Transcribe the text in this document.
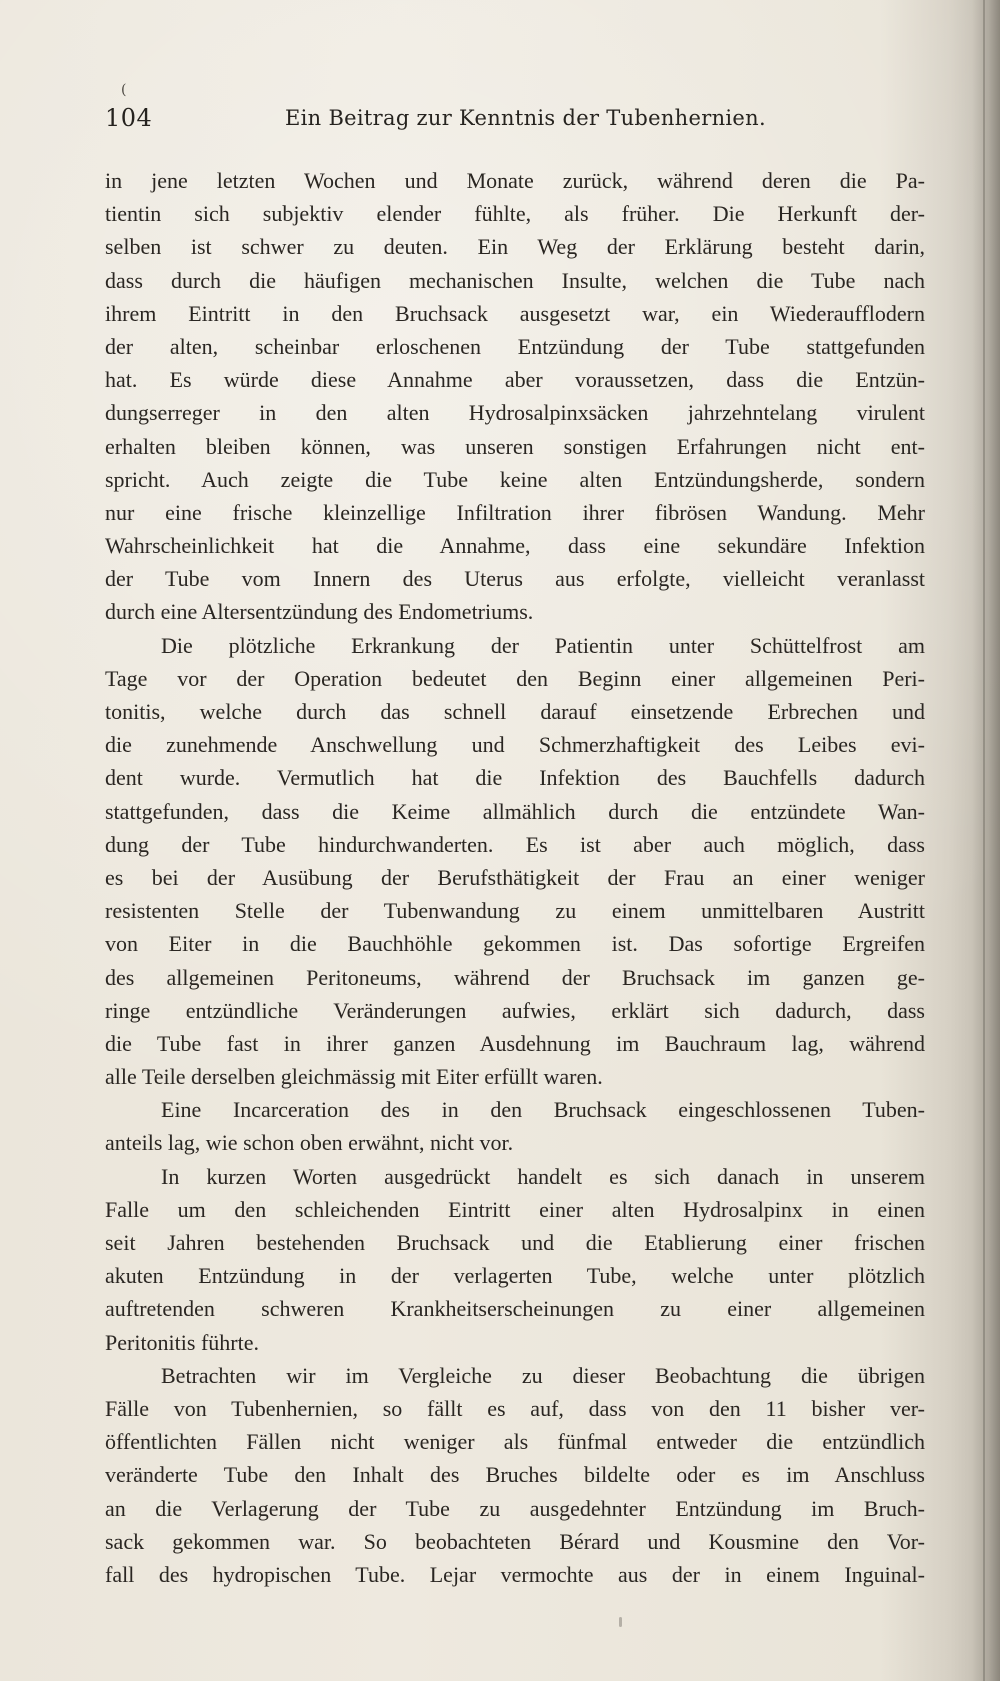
(
104	Ein Beitrag zur Kenntnis der Tubenhernien.
in jene letzten Wochen und Monate zurück, während deren die Pa-
tientin sich subjektiv elender fühlte, als früher. Die Herkunft der-
selben ist schwer zu deuten. Ein Weg der Erklärung besteht darin,
dass durch die häufigen mechanischen Insulte, welchen die Tube nach
ihrem Eintritt in den Bruchsack ausgesetzt war, ein Wiederaufflodern
der alten, scheinbar erloschenen Entzündung der Tube stattgefunden
hat. Es würde diese Annahme aber voraussetzen, dass die Entzün-
dungserreger in den alten Hydrosalpinxsäcken jahrzehntelang virulent
erhalten bleiben können, was unseren sonstigen Erfahrungen nicht ent-
spricht. Auch zeigte die Tube keine alten Entzündungsherde, sondern
nur eine frische kleinzellige Infiltration ihrer fibrösen Wandung. Mehr
Wahrscheinlichkeit hat die Annahme, dass eine sekundäre Infektion
der Tube vom Innern des Uterus aus erfolgte, vielleicht veranlasst
durch eine Altersentzündung des Endometriums.
Die plötzliche Erkrankung der Patientin unter Schüttelfrost am
Tage vor der Operation bedeutet den Beginn einer allgemeinen Peri-
tonitis, welche durch das schnell darauf einsetzende Erbrechen und
die zunehmende Anschwellung und Schmerzhaftigkeit des Leibes evi-
dent wurde. Vermutlich hat die Infektion des Bauchfells dadurch
stattgefunden, dass die Keime allmählich durch die entzündete Wan-
dung der Tube hindurchwanderten. Es ist aber auch möglich, dass
es bei der Ausübung der Berufsthätigkeit der Frau an einer weniger
resistenten Stelle der Tubenwandung zu einem unmittelbaren Austritt
von Eiter in die Bauchhöhle gekommen ist. Das sofortige Ergreifen
des allgemeinen Peritoneums, während der Bruchsack im ganzen ge-
ringe entzündliche Veränderungen aufwies, erklärt sich dadurch, dass
die Tube fast in ihrer ganzen Ausdehnung im Bauchraum lag, während
alle Teile derselben gleichmässig mit Eiter erfüllt waren.
Eine Incarceration des in den Bruchsack eingeschlossenen Tuben-
anteils lag, wie schon oben erwähnt, nicht vor.
In kurzen Worten ausgedrückt handelt es sich danach in unserem
Falle um den schleichenden Eintritt einer alten Hydrosalpinx in einen
seit Jahren bestehenden Bruchsack und die Etablierung einer frischen
akuten Entzündung in der verlagerten Tube, welche unter plötzlich
auftretenden schweren Krankheitserscheinungen zu einer allgemeinen
Peritonitis führte.
Betrachten wir im Vergleiche zu dieser Beobachtung die übrigen
Fälle von Tubenhernien, so fällt es auf, dass von den 11 bisher ver-
öffentlichten Fällen nicht weniger als fünfmal entweder die entzündlich
veränderte Tube den Inhalt des Bruches bildelte oder es im Anschluss
an die Verlagerung der Tube zu ausgedehnter Entzündung im Bruch-
sack gekommen war. So beobachteten Bérard und Kousmine den Vor-
fall des hydropischen Tube. Lejar vermochte aus der in einem Inguinal-
